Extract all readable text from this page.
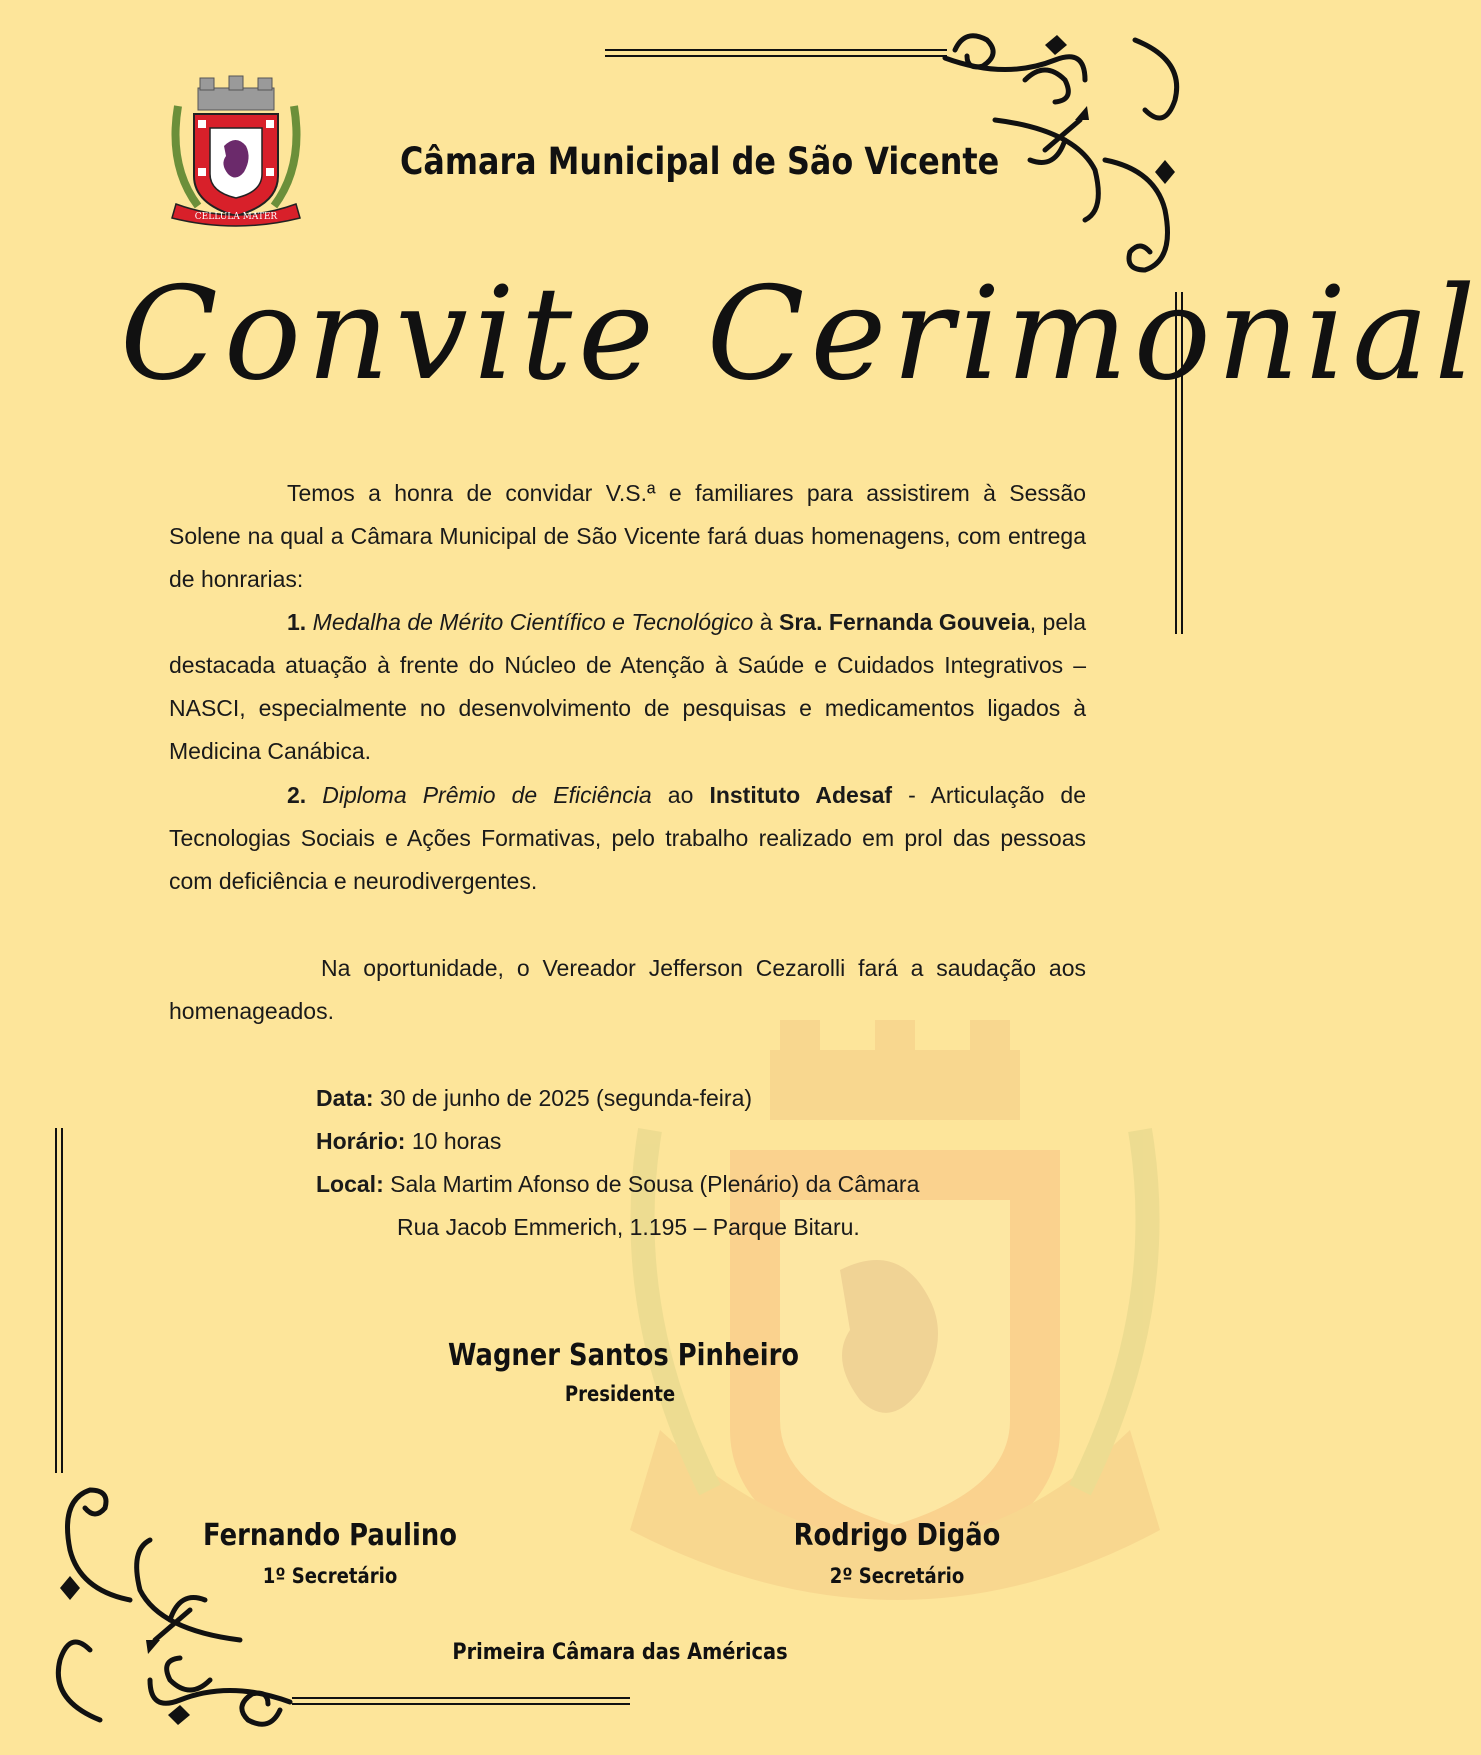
CELLULA MATER
Câmara Municipal de São Vicente
Convite Cerimonial

Temos a honra de convidar V.S.ª e familiares para assistirem à Sessão Solene na qual a Câmara Municipal de São Vicente fará duas homenagens, com entrega de honrarias:

1. Medalha de Mérito Científico e Tecnológico à Sra. Fernanda Gouveia, pela destacada atuação à frente do Núcleo de Atenção à Saúde e Cuidados Integrativos – NASCI, especialmente no desenvolvimento de pesquisas e medicamentos ligados à Medicina Canábica.

2. Diploma Prêmio de Eficiência ao Instituto Adesaf - Articulação de Tecnologias Sociais e Ações Formativas, pelo trabalho realizado em prol das pessoas com deficiência e neurodivergentes.

Na oportunidade, o Vereador Jefferson Cezarolli fará a saudação aos homenageados.

Data: 30 de junho de 2025 (segunda-feira)
Horário: 10 horas
Local: Sala Martim Afonso de Sousa (Plenário) da Câmara
Rua Jacob Emmerich, 1.195 – Parque Bitaru.
Wagner Santos Pinheiro
Presidente
Fernando Paulino
1º Secretário
Rodrigo Digão
2º Secretário
Primeira Câmara das Américas
